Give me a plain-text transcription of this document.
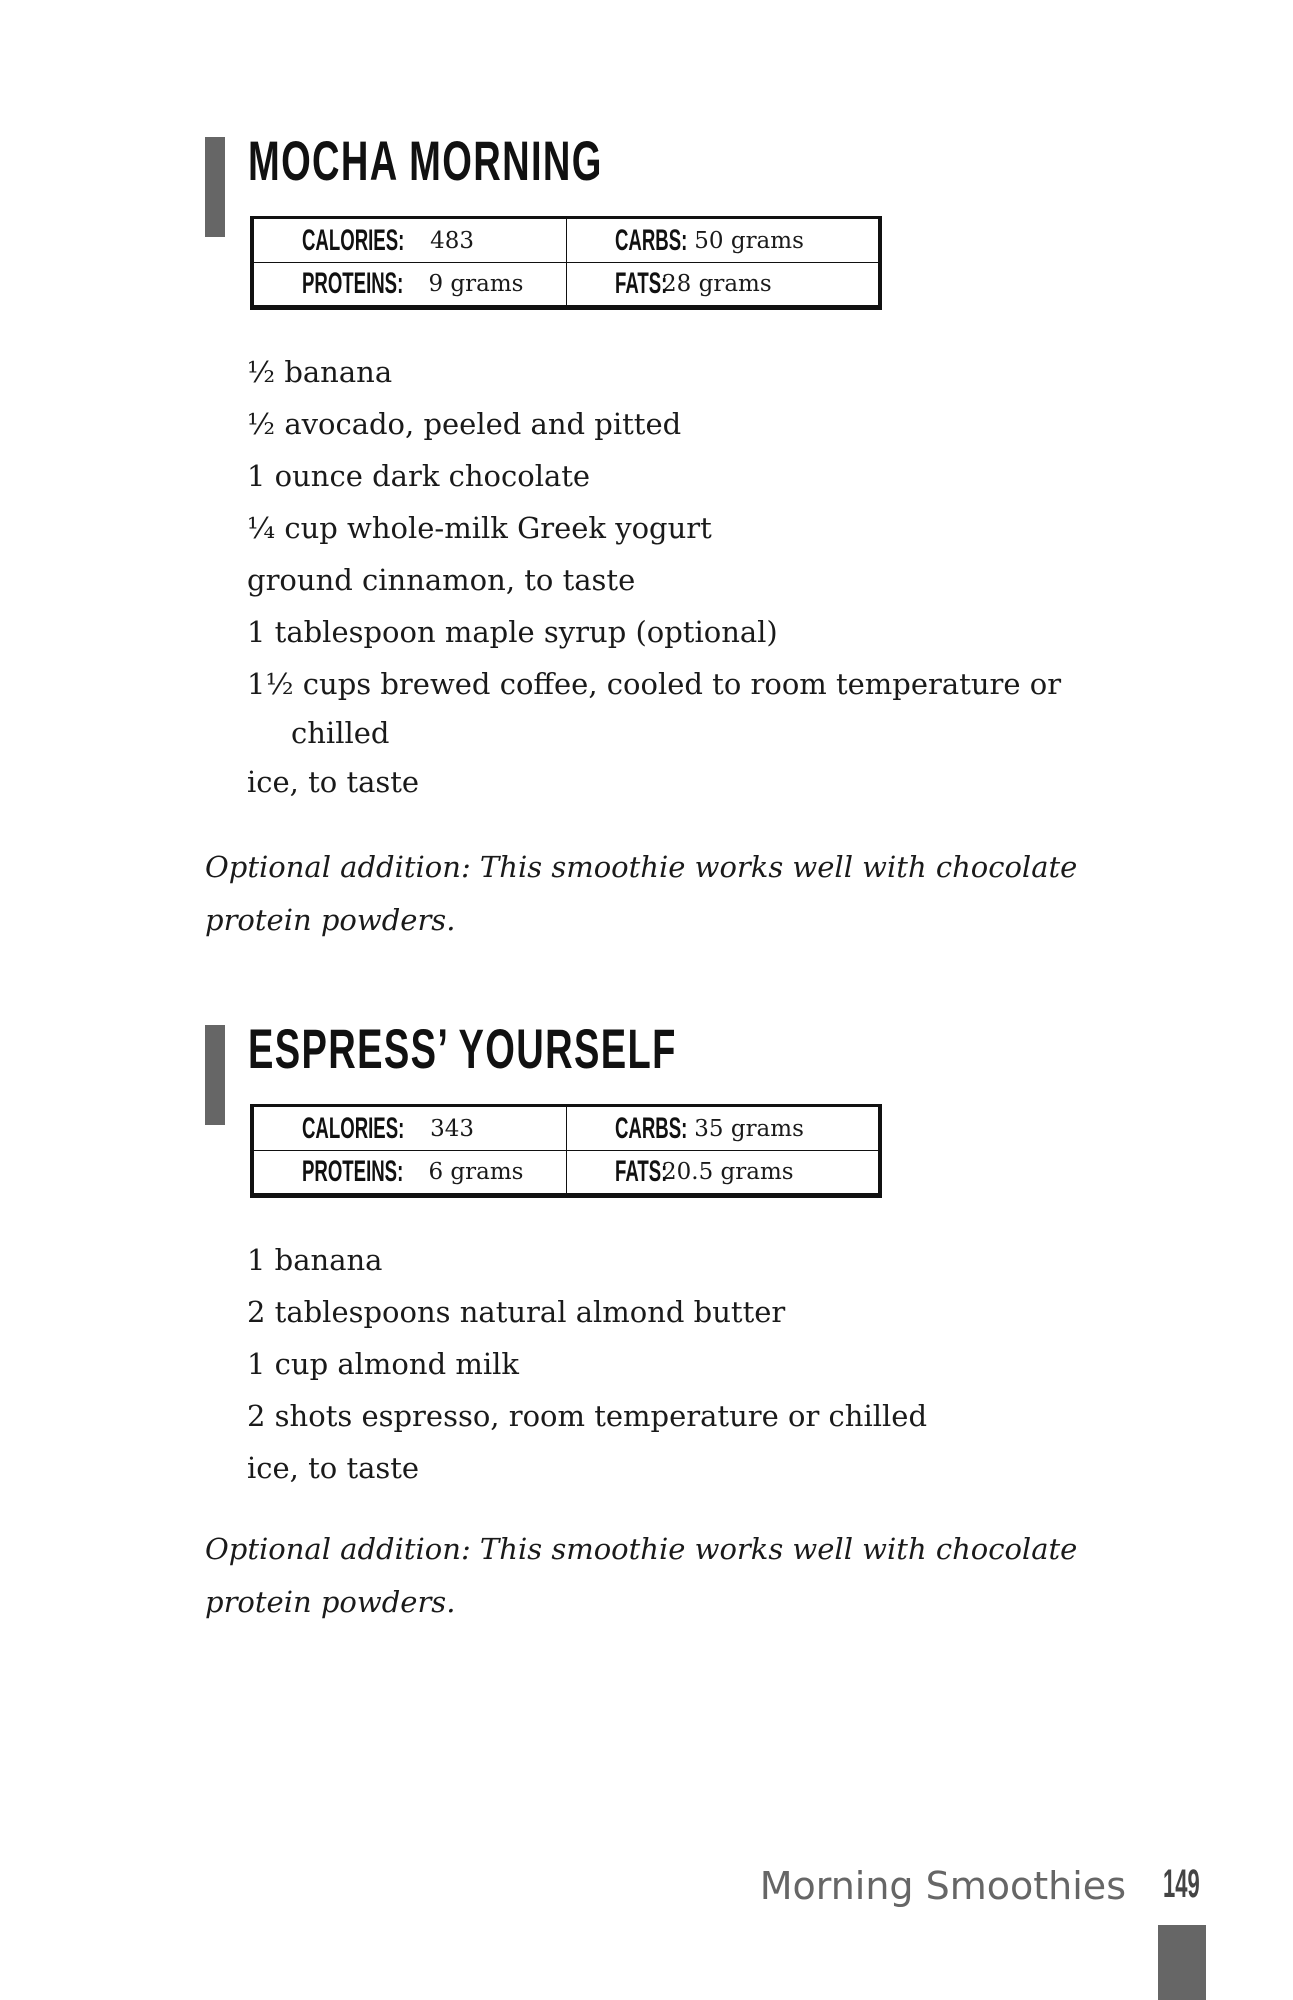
MOCHA MORNING
CALORIES: 483	CARBS: 50 grams
PROTEINS: 9 grams	FATS: 28 grams
½ banana
½ avocado, peeled and pitted
1 ounce dark chocolate
¼ cup whole-milk Greek yogurt
ground cinnamon, to taste
1 tablespoon maple syrup (optional)
1½ cups brewed coffee, cooled to room temperature or chilled
ice, to taste

Optional addition: This smoothie works well with chocolate protein powders.

ESPRESS’ YOURSELF
CALORIES: 343	CARBS: 35 grams
PROTEINS: 6 grams	FATS: 20.5 grams
1 banana
2 tablespoons natural almond butter
1 cup almond milk
2 shots espresso, room temperature or chilled
ice, to taste

Optional addition: This smoothie works well with chocolate protein powders.

Morning Smoothies 149
